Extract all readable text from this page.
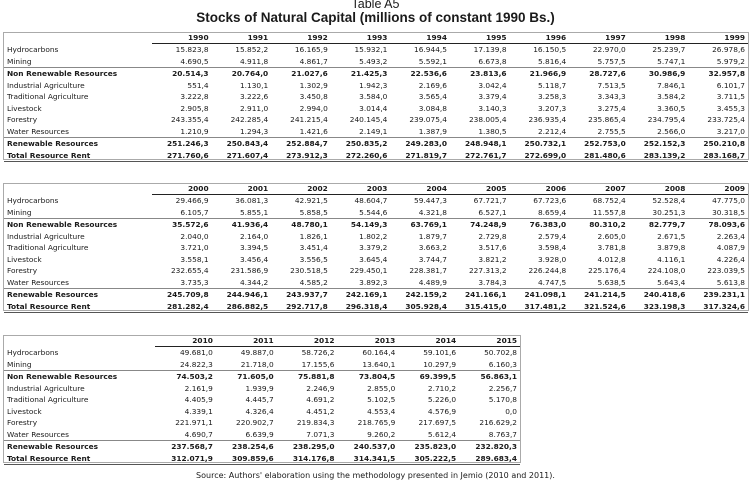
Table A5
Stocks of Natural Capital (millions of constant 1990 Bs.)
	1990	1991	1992	1993	1994	1995	1996	1997	1998	1999
Hydrocarbons	15.823,8	15.852,2	16.165,9	15.932,1	16.944,5	17.139,8	16.150,5	22.970,0	25.239,7	26.978,6
Mining	4.690,5	4.911,8	4.861,7	5.493,2	5.592,1	6.673,8	5.816,4	5.757,5	5.747,1	5.979,2
Non Renewable Resources	20.514,3	20.764,0	21.027,6	21.425,3	22.536,6	23.813,6	21.966,9	28.727,6	30.986,9	32.957,8
Industrial Agriculture	551,4	1.130,1	1.302,9	1.942,3	2.169,6	3.042,4	5.118,7	7.513,5	7.846,1	6.101,7
Traditional Agriculture	3.222,8	3.222,6	3.450,8	3.584,0	3.565,4	3.379,4	3.258,3	3.343,3	3.584,2	3.711,5
Livestock	2.905,8	2.911,0	2.994,0	3.014,4	3.084,8	3.140,3	3.207,3	3.275,4	3.360,5	3.455,3
Forestry	243.355,4	242.285,4	241.215,4	240.145,4	239.075,4	238.005,4	236.935,4	235.865,4	234.795,4	233.725,4
Water Resources	1.210,9	1.294,3	1.421,6	2.149,1	1.387,9	1.380,5	2.212,4	2.755,5	2.566,0	3.217,0
Renewable Resources	251.246,3	250.843,4	252.884,7	250.835,2	249.283,0	248.948,1	250.732,1	252.753,0	252.152,3	250.210,8
Total Resource Rent	271.760,6	271.607,4	273.912,3	272.260,6	271.819,7	272.761,7	272.699,0	281.480,6	283.139,2	283.168,7
	2000	2001	2002	2003	2004	2005	2006	2007	2008	2009
Hydrocarbons	29.466,9	36.081,3	42.921,5	48.604,7	59.447,3	67.721,7	67.723,6	68.752,4	52.528,4	47.775,0
Mining	6.105,7	5.855,1	5.858,5	5.544,6	4.321,8	6.527,1	8.659,4	11.557,8	30.251,3	30.318,5
Non Renewable Resources	35.572,6	41.936,4	48.780,1	54.149,3	63.769,1	74.248,9	76.383,0	80.310,2	82.779,7	78.093,6
Industrial Agriculture	2.040,0	2.164,0	1.826,1	1.802,2	1.879,7	2.729,8	2.579,4	2.605,0	2.671,5	2.263,4
Traditional Agriculture	3.721,0	3.394,5	3.451,4	3.379,2	3.663,2	3.517,6	3.598,4	3.781,8	3.879,8	4.087,9
Livestock	3.558,1	3.456,4	3.556,5	3.645,4	3.744,7	3.821,2	3.928,0	4.012,8	4.116,1	4.226,4
Forestry	232.655,4	231.586,9	230.518,5	229.450,1	228.381,7	227.313,2	226.244,8	225.176,4	224.108,0	223.039,5
Water Resources	3.735,3	4.344,2	4.585,2	3.892,3	4.489,9	3.784,3	4.747,5	5.638,5	5.643,4	5.613,8
Renewable Resources	245.709,8	244.946,1	243.937,7	242.169,1	242.159,2	241.166,1	241.098,1	241.214,5	240.418,6	239.231,1
Total Resource Rent	281.282,4	286.882,5	292.717,8	296.318,4	305.928,4	315.415,0	317.481,2	321.524,6	323.198,3	317.324,6
	2010	2011	2012	2013	2014	2015
Hydrocarbons	49.681,0	49.887,0	58.726,2	60.164,4	59.101,6	50.702,8
Mining	24.822,3	21.718,0	17.155,6	13.640,1	10.297,9	6.160,3
Non Renewable Resources	74.503,2	71.605,0	75.881,8	73.804,5	69.399,5	56.863,1
Industrial Agriculture	2.161,9	1.939,9	2.246,9	2.855,0	2.710,2	2.256,7
Traditional Agriculture	4.405,9	4.445,7	4.691,2	5.102,5	5.226,0	5.170,8
Livestock	4.339,1	4.326,4	4.451,2	4.553,4	4.576,9	0,0
Forestry	221.971,1	220.902,7	219.834,3	218.765,9	217.697,5	216.629,2
Water Resources	4.690,7	6.639,9	7.071,3	9.260,2	5.612,4	8.763,7
Renewable Resources	237.568,7	238.254,6	238.295,0	240.537,0	235.823,0	232.820,3
Total Resource Rent	312.071,9	309.859,6	314.176,8	314.341,5	305.222,5	289.683,4
Source: Authors' elaboration using the methodology presented in Jemio (2010 and 2011).
